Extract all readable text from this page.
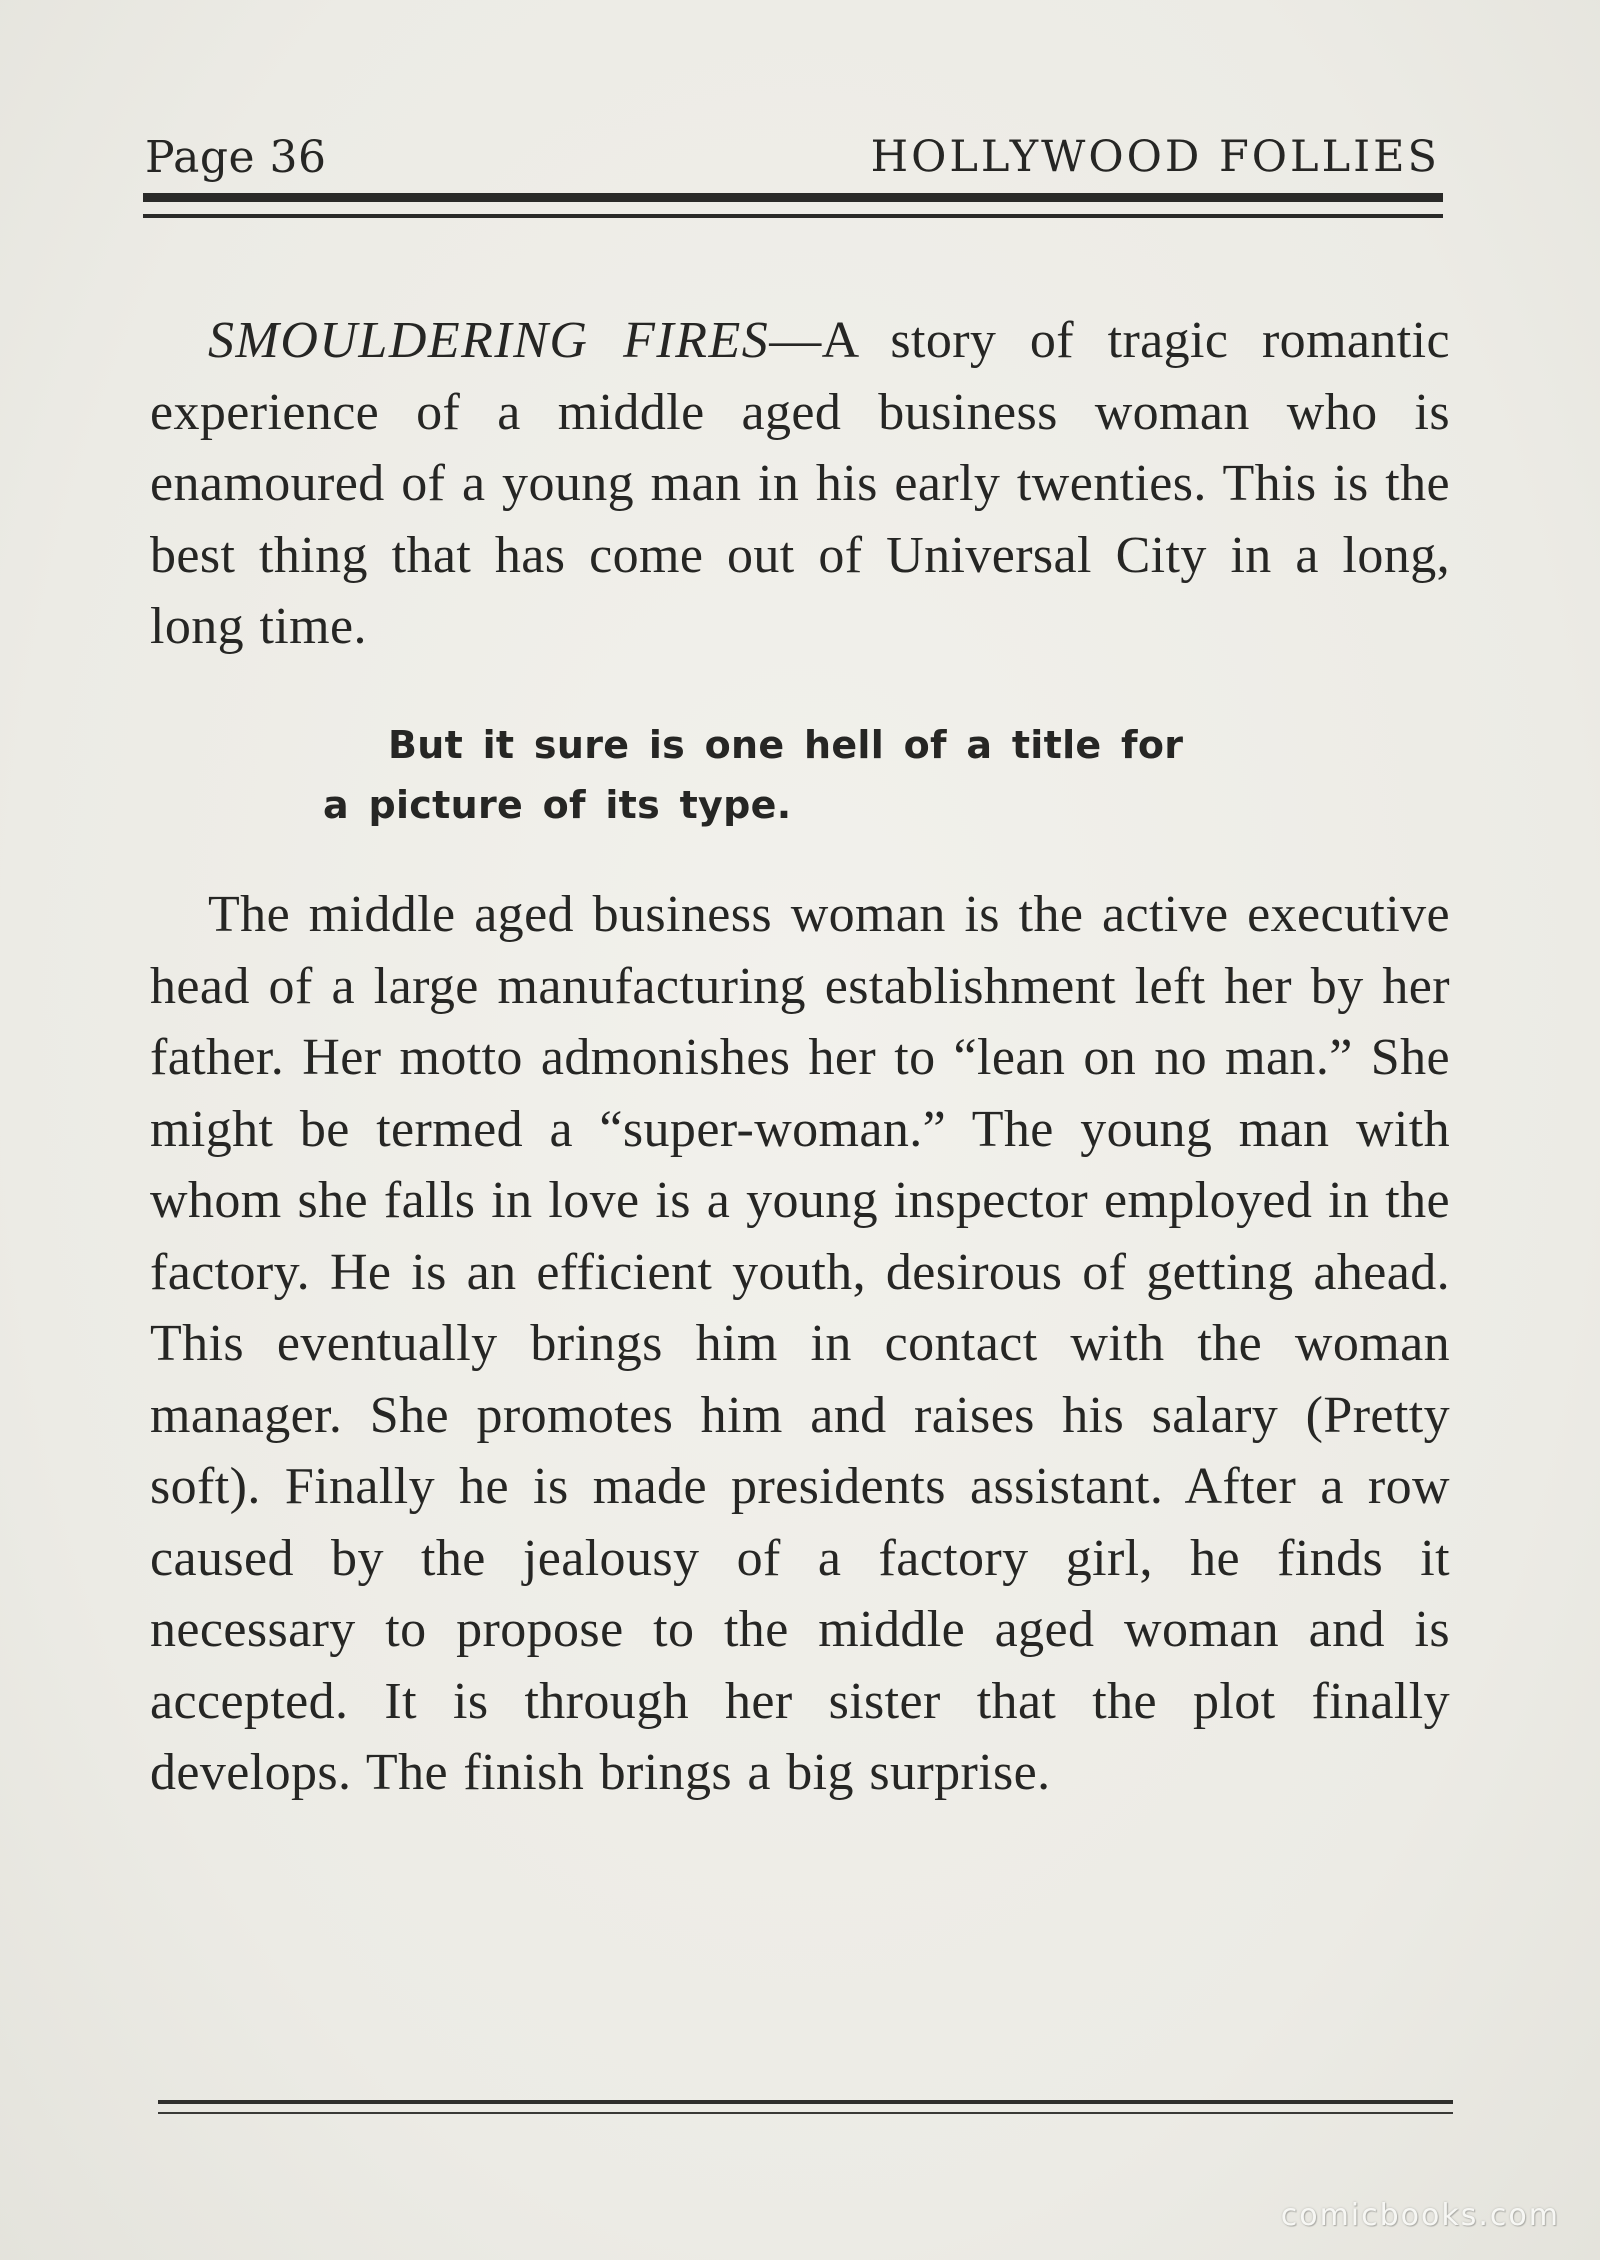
Page 36	HOLLYWOOD FOLLIES

SMOULDERING FIRES—A story of tragic romantic experience of a middle aged business woman who is enamoured of a young man in his early twenties. This is the best thing that has come out of Universal City in a long, long time.

But it sure is one hell of a title for
a picture of its type.

The middle aged business woman is the active executive head of a large manufacturing establishment left her by her father. Her motto admonishes her to “lean on no man.” She might be termed a “super-woman.” The young man with whom she falls in love is a young inspector employed in the factory. He is an efficient youth, desirous of getting ahead. This eventually brings him in contact with the woman manager. She promotes him and raises his salary (Pretty soft). Finally he is made presidents assistant. After a row caused by the jealousy of a factory girl, he finds it necessary to propose to the middle aged woman and is accepted. It is through her sister that the plot finally develops. The finish brings a big surprise.

comicbooks.com
